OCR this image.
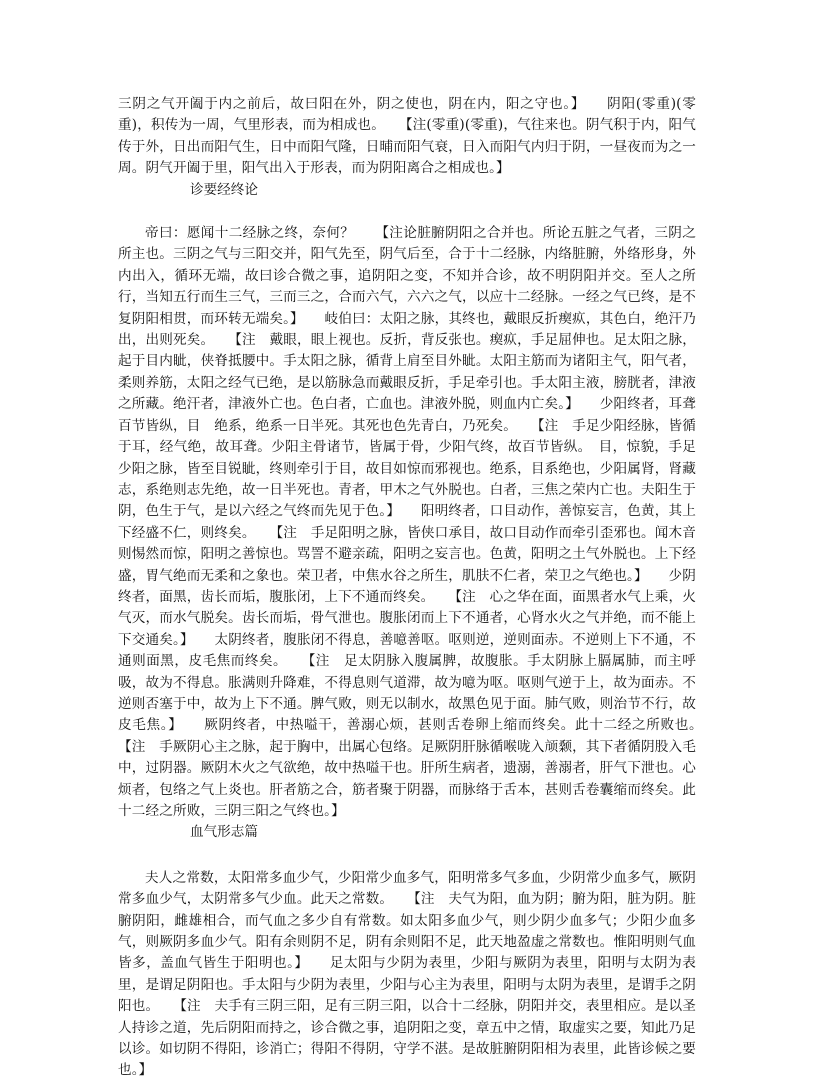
三阴之气开阖于内之前后，故曰阳在外，阴之使也，阴在内，阳之守也。】　　阴阳(零重)(零重)，积传为一周，气里形表，而为相成也。　　【注(零重)(零重)，气往来也。阴气积于内，阳气传于外，日出而阳气生，日中而阳气隆，日晡而阳气衰，日入而阳气内归于阴，一昼夜而为之一周。阴气开阖于里，阳气出入于形表，而为阴阳离合之相成也。】

诊要经终论

帝曰：愿闻十二经脉之终，奈何？　　【注论脏腑阴阳之合并也。所论五脏之气者，三阴之所主也。三阴之气与三阳交并，阳气先至，阴气后至，合于十二经脉，内络脏腑，外络形身，外内出入，循环无端，故曰诊合微之事，追阴阳之变，不知并合诊，故不明阴阳并交。至人之所行，当知五行而生三气，三而三之，合而六气，六六之气，以应十二经脉。一经之气已终，是不复阴阳相贯，而环转无端矣。】　　岐伯曰：太阳之脉，其终也，戴眼反折瘈疭，其色白，绝汗乃出，出则死矣。　　【注　戴眼，眼上视也。反折，背反张也。瘈疭，手足屈伸也。足太阳之脉，起于目内眦，侠脊抵腰中。手太阳之脉，循背上肩至目外眦。太阳主筋而为诸阳主气，阳气者，柔则养筋，太阳之经气已绝，是以筋脉急而戴眼反折，手足牵引也。手太阳主液，膀胱者，津液之所藏。绝汗者，津液外亡也。色白者，亡血也。津液外脱，则血内亡矣。】　　少阳终者，耳聋百节皆纵，目　绝系，绝系一日半死。其死也色先青白，乃死矣。　　【注　手足少阳经脉，皆循于耳，经气绝，故耳聋。少阳主骨诸节，皆属于骨，少阳气终，故百节皆纵。　目，惊貌，手足少阳之脉，皆至目锐眦，终则牵引于目，故目如惊而邪视也。绝系，目系绝也，少阳属肾，肾藏志，系绝则志先绝，故一日半死也。青者，甲木之气外脱也。白者，三焦之荣内亡也。夫阳生于阴，色生于气，是以六经之气终而先见于色。】　　阳明终者，口目动作，善惊妄言，色黄，其上下经盛不仁，则终矣。　　【注　手足阳明之脉，皆侠口承目，故口目动作而牵引歪邪也。闻木音则惕然而惊，阳明之善惊也。骂詈不避亲疏，阳明之妄言也。色黄，阳明之土气外脱也。上下经盛，胃气绝而无柔和之象也。荣卫者，中焦水谷之所生，肌肤不仁者，荣卫之气绝也。】　　少阴终者，面黑，齿长而垢，腹胀闭，上下不通而终矣。　　【注　心之华在面，面黑者水气上乘，火气灭，而水气脱矣。齿长而垢，骨气泄也。腹胀闭而上下不通者，心肾水火之气并绝，而不能上下交通矣。】　　太阴终者，腹胀闭不得息，善噫善呕。呕则逆，逆则面赤。不逆则上下不通，不通则面黑，皮毛焦而终矣。　　【注　足太阴脉入腹属脾，故腹胀。手太阴脉上膈属肺，而主呼吸，故为不得息。胀满则升降难，不得息则气道滞，故为噫为呕。呕则气逆于上，故为面赤。不逆则否塞于中，故为上下不通。脾气败，则无以制水，故黑色见于面。肺气败，则治节不行，故皮毛焦。】　　厥阴终者，中热嗌干，善溺心烦，甚则舌卷卵上缩而终矣。此十二经之所败也。　　【注　手厥阴心主之脉，起于胸中，出属心包络。足厥阴肝脉循喉咙入颃颡，其下者循阴股入毛中，过阴器。厥阴木火之气欲绝，故中热嗌干也。肝所生病者，遗溺，善溺者，肝气下泄也。心烦者，包络之气上炎也。肝者筋之合，筋者聚于阴器，而脉络于舌本，甚则舌卷囊缩而终矣。此十二经之所败，三阴三阳之气终也。】

血气形志篇

夫人之常数，太阳常多血少气，少阳常少血多气，阳明常多气多血，少阴常少血多气，厥阴常多血少气，太阴常多气少血。此天之常数。　　【注　夫气为阳，血为阴；腑为阳，脏为阴。脏腑阴阳，雌雄相合，而气血之多少自有常数。如太阳多血少气，则少阴少血多气；少阳少血多气，则厥阴多血少气。阳有余则阴不足，阴有余则阳不足，此天地盈虚之常数也。惟阳明则气血皆多，盖血气皆生于阳明也。】　　足太阳与少阴为表里，少阳与厥阴为表里，阳明与太阴为表里，是谓足阴阳也。手太阳与少阴为表里，少阳与心主为表里，阳明与太阴为表里，是谓手之阴阳也。　　【注　夫手有三阴三阳，足有三阴三阳，以合十二经脉，阴阳并交，表里相应。是以圣人持诊之道，先后阴阳而持之，诊合微之事，追阴阳之变，章五中之情，取虚实之要，知此乃足以诊。如切阴不得阳，诊消亡；得阳不得阴，守学不湛。是故脏腑阴阳相为表里，此皆诊候之要也。】
